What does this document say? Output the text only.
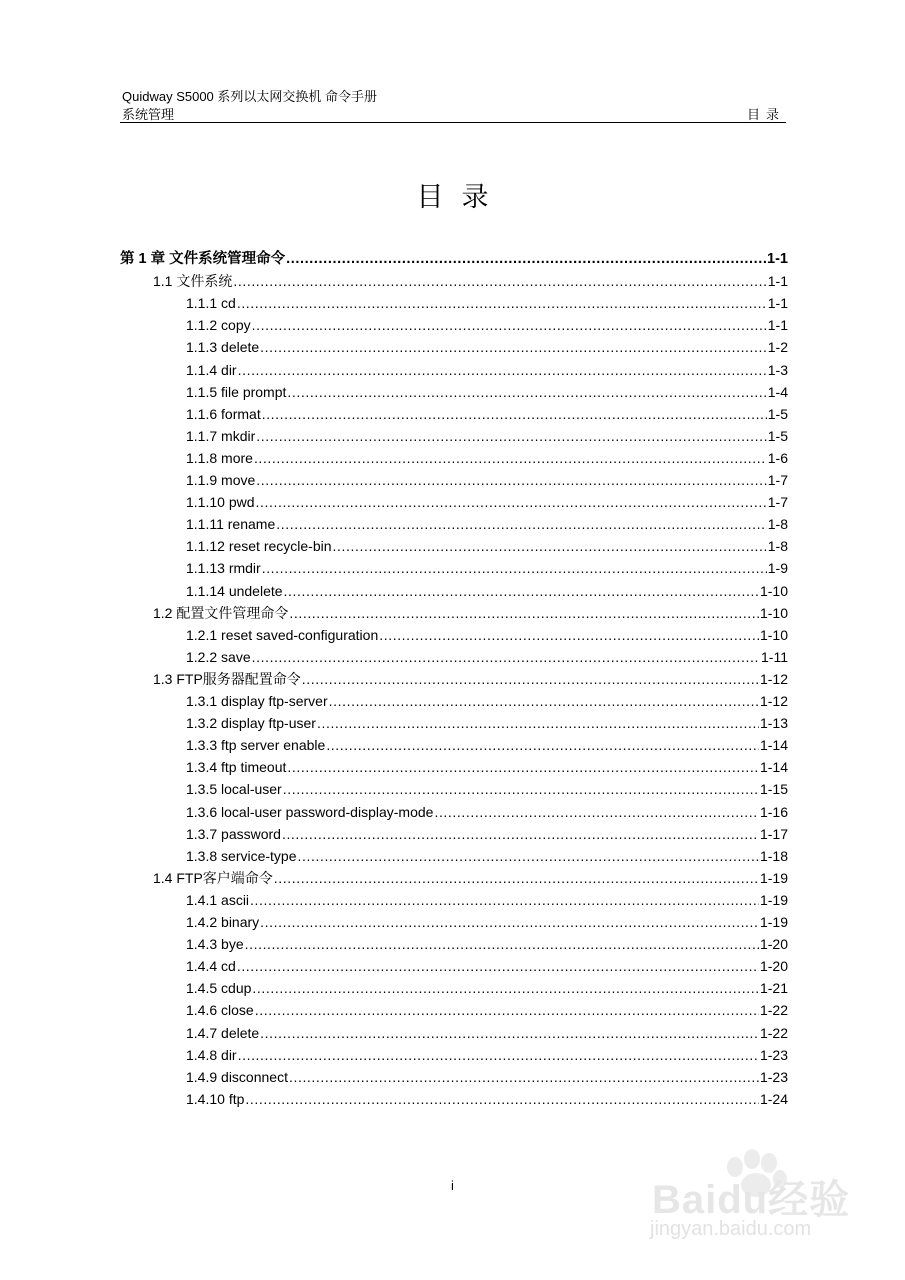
Quidway S5000 系列以太网交换机 命令手册
系统管理	目录
目录
第 1 章 文件系统管理命令 .....	1-1
1.1 文件系统 .....	1-1
1.1.1 cd .....	1-1
1.1.2 copy .....	1-1
1.1.3 delete .....	1-2
1.1.4 dir .....	1-3
1.1.5 file prompt .....	1-4
1.1.6 format .....	1-5
1.1.7 mkdir .....	1-5
1.1.8 more .....	1-6
1.1.9 move .....	1-7
1.1.10 pwd .....	1-7
1.1.11 rename .....	1-8
1.1.12 reset recycle-bin .....	1-8
1.1.13 rmdir .....	1-9
1.1.14 undelete .....	1-10
1.2 配置文件管理命令 .....	1-10
1.2.1 reset saved-configuration .....	1-10
1.2.2 save .....	1-11
1.3 FTP服务器配置命令 .....	1-12
1.3.1 display ftp-server .....	1-12
1.3.2 display ftp-user .....	1-13
1.3.3 ftp server enable .....	1-14
1.3.4 ftp timeout .....	1-14
1.3.5 local-user .....	1-15
1.3.6 local-user password-display-mode .....	1-16
1.3.7 password .....	1-17
1.3.8 service-type .....	1-18
1.4 FTP客户端命令 .....	1-19
1.4.1 ascii .....	1-19
1.4.2 binary .....	1-19
1.4.3 bye .....	1-20
1.4.4 cd .....	1-20
1.4.5 cdup .....	1-21
1.4.6 close .....	1-22
1.4.7 delete .....	1-22
1.4.8 dir .....	1-23
1.4.9 disconnect .....	1-23
1.4.10 ftp .....	1-24
i	Baidu经验
jingyan.baidu.com
